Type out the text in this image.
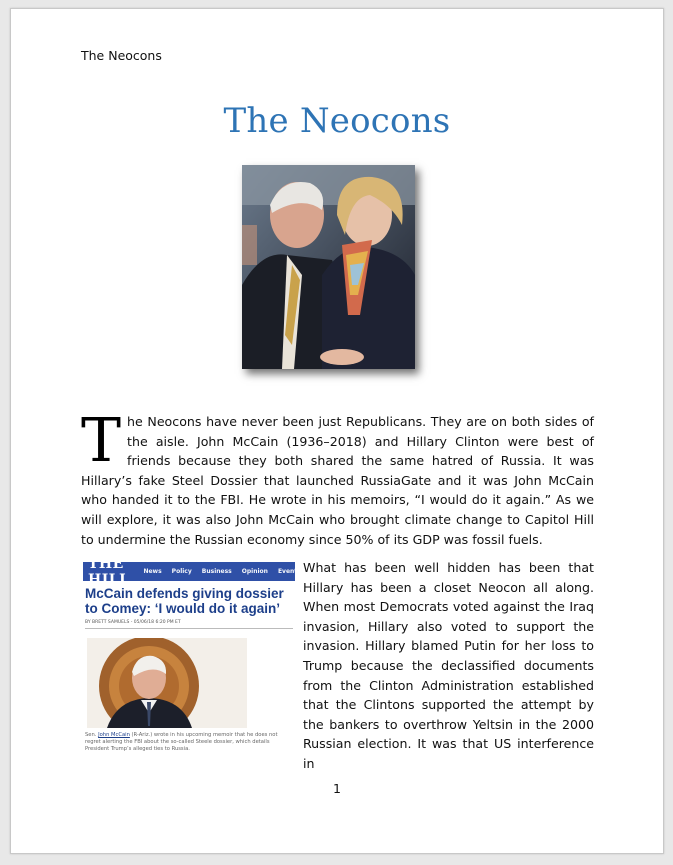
The Neocons
The Neocons
The Neocons have never been just Republicans. They are on both sides of the aisle. John McCain (1936–2018) and Hillary Clinton were best of friends because they both shared the same hatred of Russia. It was Hillary’s fake Steel Dossier that launched RussiaGate and it was John McCain who handed it to the FBI. He wrote in his memoirs, “I would do it again.” As we will explore, it was also John McCain who brought climate change to Capitol Hill to undermine the Russian economy since 50% of its GDP was fossil fuels.
THE HILL News Policy Business Opinion Events
McCain defends giving dossier to Comey: ‘I would do it again’
BY BRETT SAMUELS - 05/06/18 6:20 PM ET
Sen. John McCain (R-Ariz.) wrote in his upcoming memoir that he does not regret alerting the FBI about the so-called Steele dossier, which details President Trump’s alleged ties to Russia.
What has been well hidden has been that Hillary has been a closet Neocon all along. When most Democrats voted against the Iraq invasion, Hillary also voted to support the invasion. Hillary blamed Putin for her loss to Trump because the declassified documents from the Clinton Administration established that the Clintons supported the attempt by the bankers to overthrow Yeltsin in the 2000 Russian election. It was that US interference in
1
